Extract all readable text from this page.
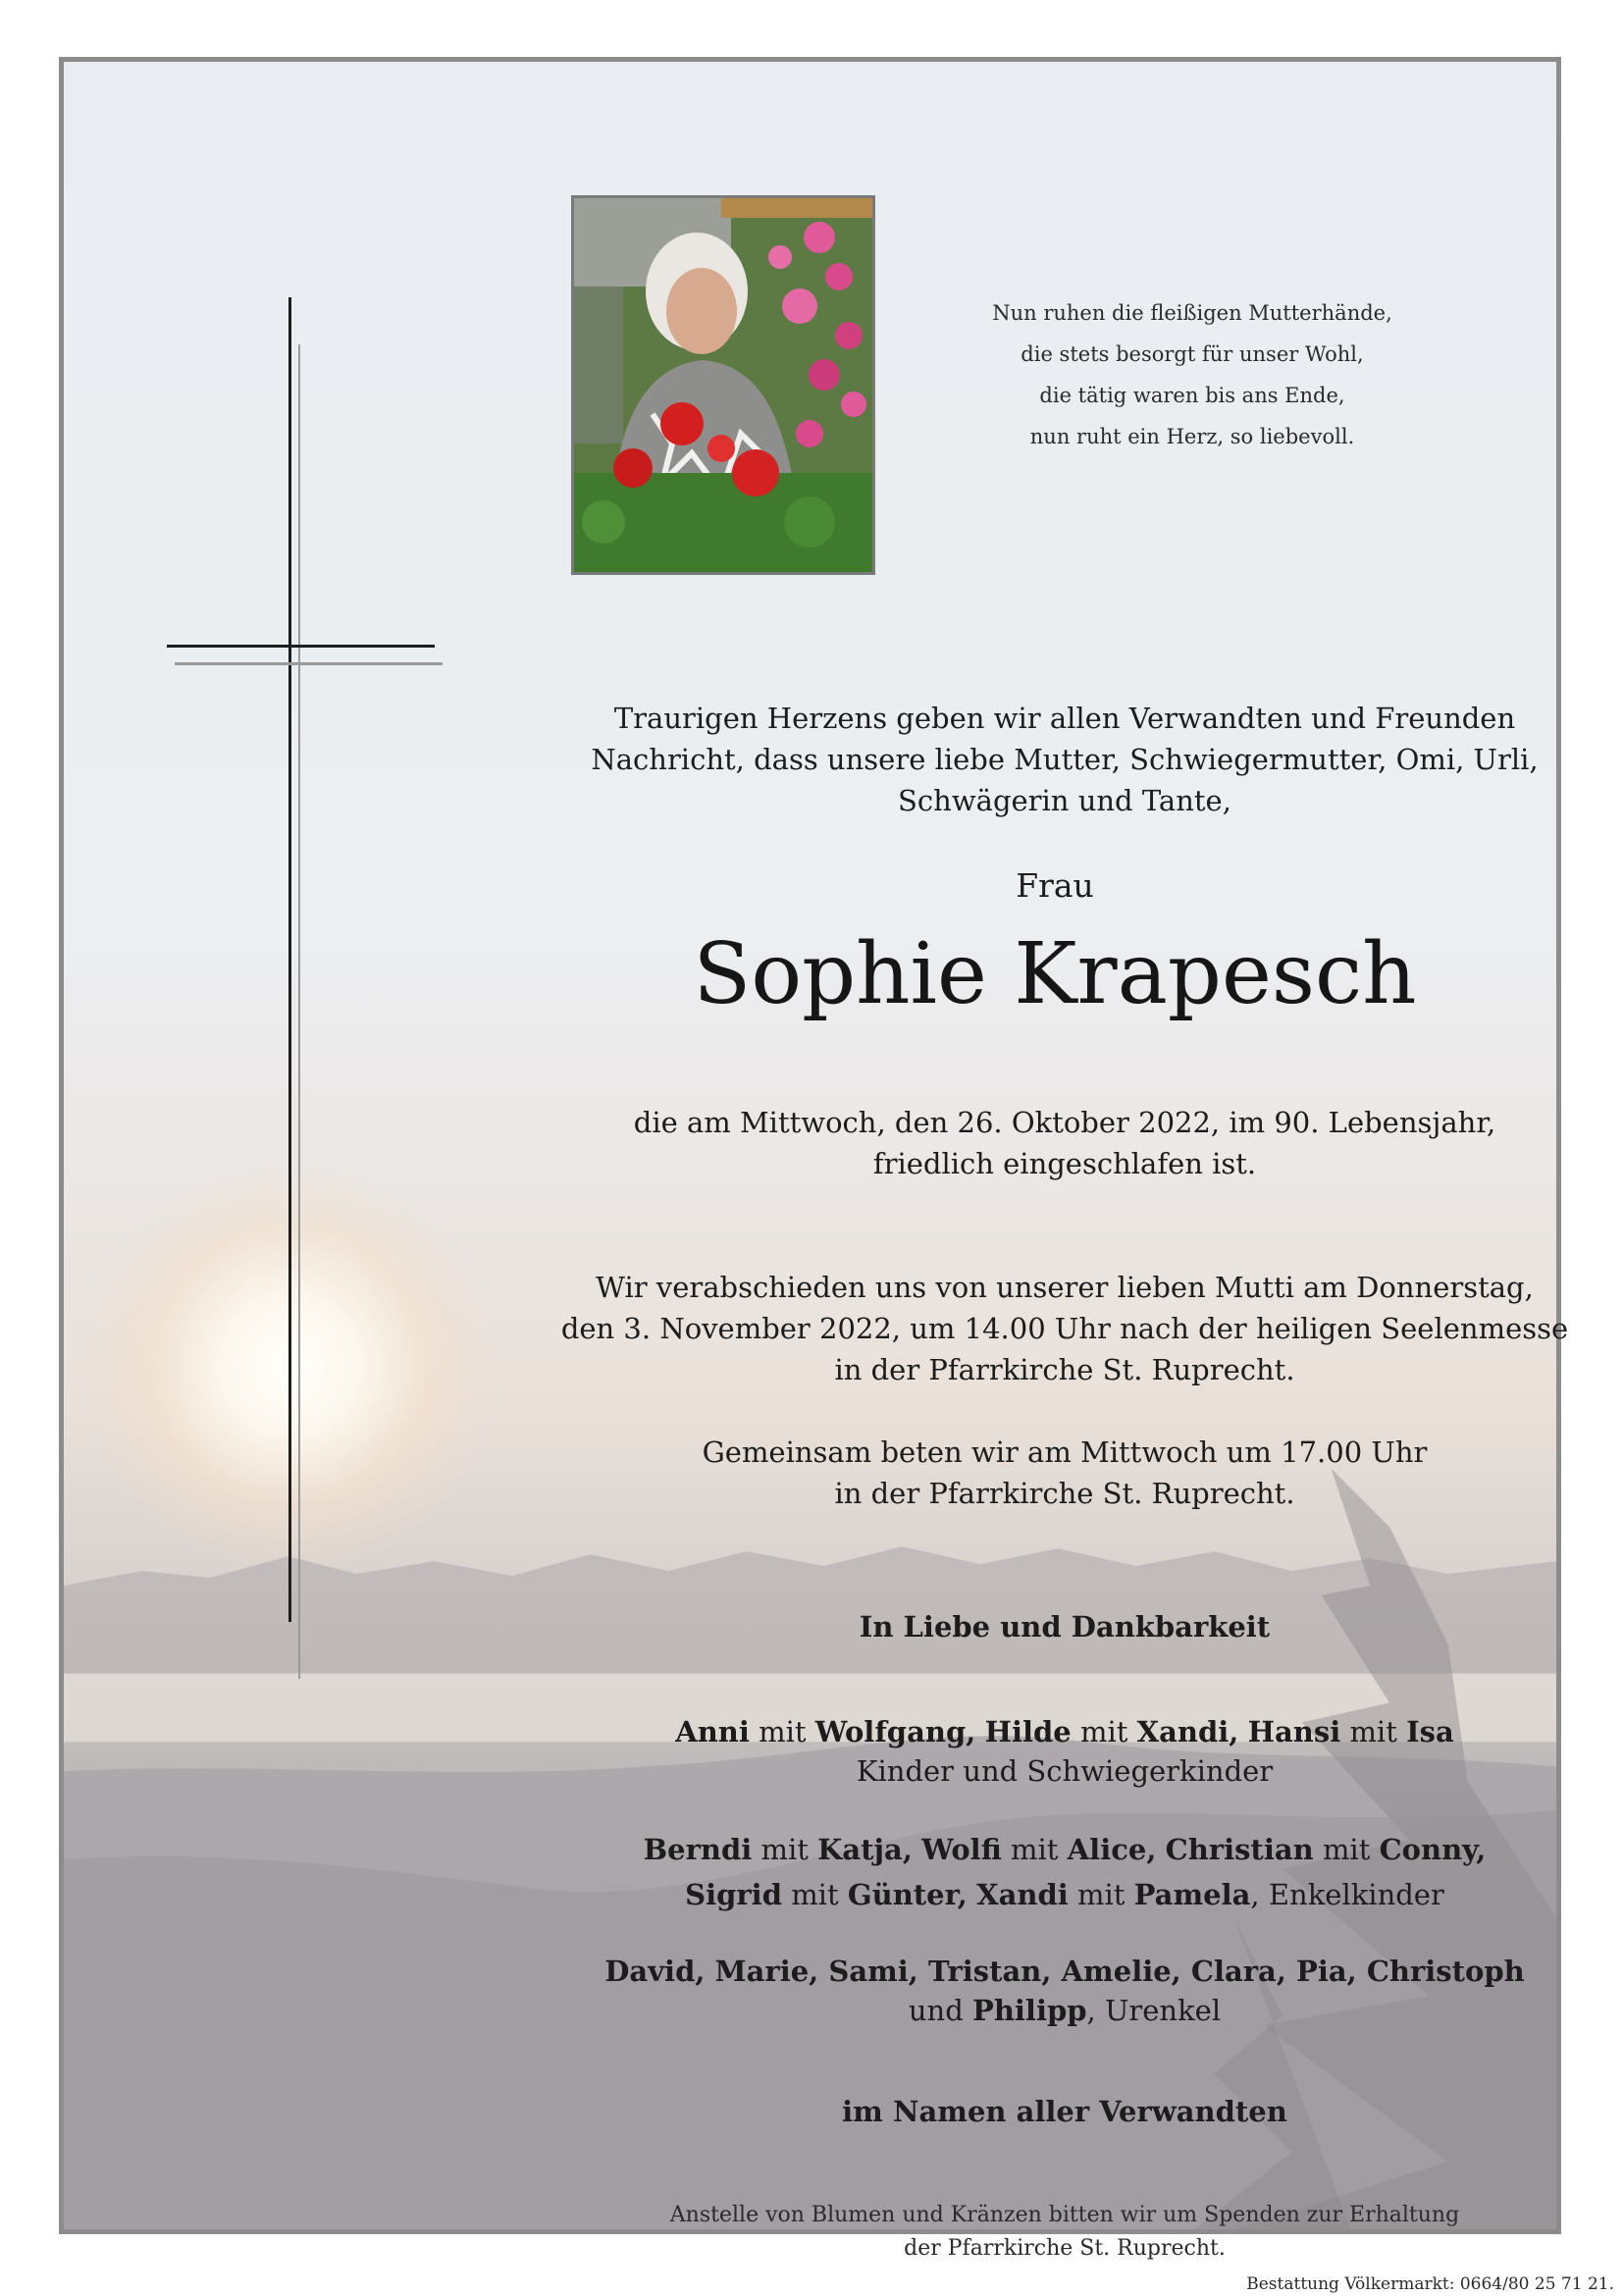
Nun ruhen die fleißigen Mutterhände,
die stets besorgt für unser Wohl,
die tätig waren bis ans Ende,
nun ruht ein Herz, so liebevoll.
Traurigen Herzens geben wir allen Verwandten und Freunden
Nachricht, dass unsere liebe Mutter, Schwiegermutter, Omi, Urli,
Schwägerin und Tante,
Frau
Sophie Krapesch
die am Mittwoch, den 26. Oktober 2022, im 90. Lebensjahr,
friedlich eingeschlafen ist.
Wir verabschieden uns von unserer lieben Mutti am Donnerstag,
den 3. November 2022, um 14.00 Uhr nach der heiligen Seelenmesse
in der Pfarrkirche St. Ruprecht.
Gemeinsam beten wir am Mittwoch um 17.00 Uhr
in der Pfarrkirche St. Ruprecht.
In Liebe und Dankbarkeit
Anni mit Wolfgang, Hilde mit Xandi, Hansi mit Isa
Kinder und Schwiegerkinder
Berndi mit Katja, Wolfi mit Alice, Christian mit Conny,
Sigrid mit Günter, Xandi mit Pamela, Enkelkinder
David, Marie, Sami, Tristan, Amelie, Clara, Pia, Christoph
und Philipp, Urenkel
im Namen aller Verwandten
Anstelle von Blumen und Kränzen bitten wir um Spenden zur Erhaltung
der Pfarrkirche St. Ruprecht.
Bestattung Völkermarkt: 0664/80 25 71 21.
